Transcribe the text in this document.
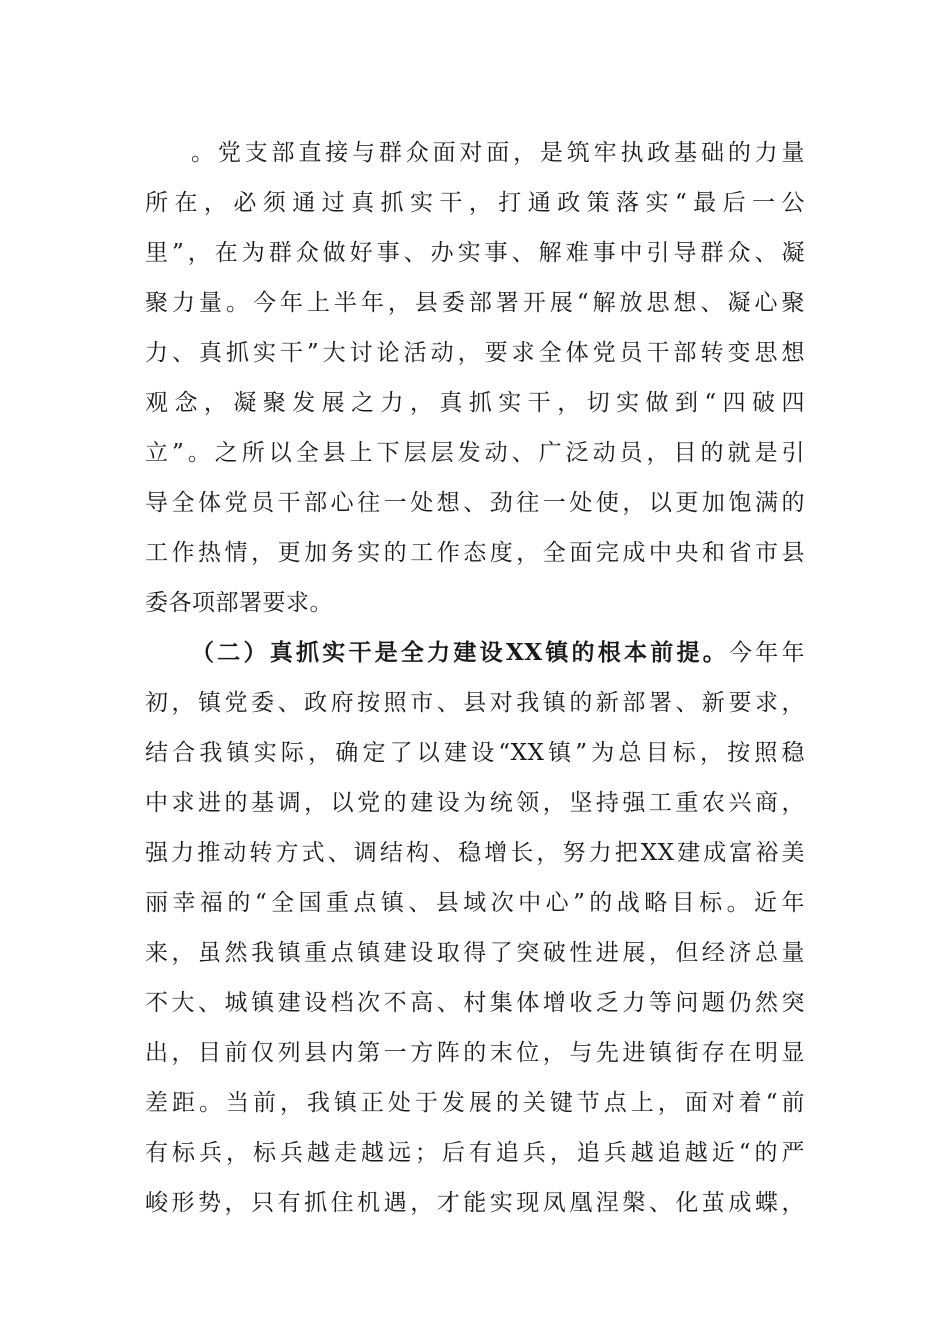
。党支部直接与群众面对面，是筑牢执政基础的力量
所在，必须通过真抓实干，打通政策落实“最后一公
里”，在为群众做好事、办实事、解难事中引导群众、凝
聚力量。今年上半年，县委部署开展“解放思想、凝心聚
力、真抓实干”大讨论活动，要求全体党员干部转变思想
观念，凝聚发展之力，真抓实干，切实做到“四破四
立”。之所以全县上下层层发动、广泛动员，目的就是引
导全体党员干部心往一处想、劲往一处使，以更加饱满的
工作热情，更加务实的工作态度，全面完成中央和省市县
委各项部署要求。
（二）真抓实干是全力建设XX镇的根本前提。今年年
初，镇党委、政府按照市、县对我镇的新部署、新要求，
结合我镇实际，确定了以建设“XX镇”为总目标，按照稳
中求进的基调，以党的建设为统领，坚持强工重农兴商，
强力推动转方式、调结构、稳增长，努力把XX建成富裕美
丽幸福的“全国重点镇、县域次中心”的战略目标。近年
来，虽然我镇重点镇建设取得了突破性进展，但经济总量
不大、城镇建设档次不高、村集体增收乏力等问题仍然突
出，目前仅列县内第一方阵的末位，与先进镇街存在明显
差距。当前，我镇正处于发展的关键节点上，面对着“前
有标兵，标兵越走越远；后有追兵，追兵越追越近“的严
峻形势，只有抓住机遇，才能实现凤凰涅槃、化茧成蝶，
